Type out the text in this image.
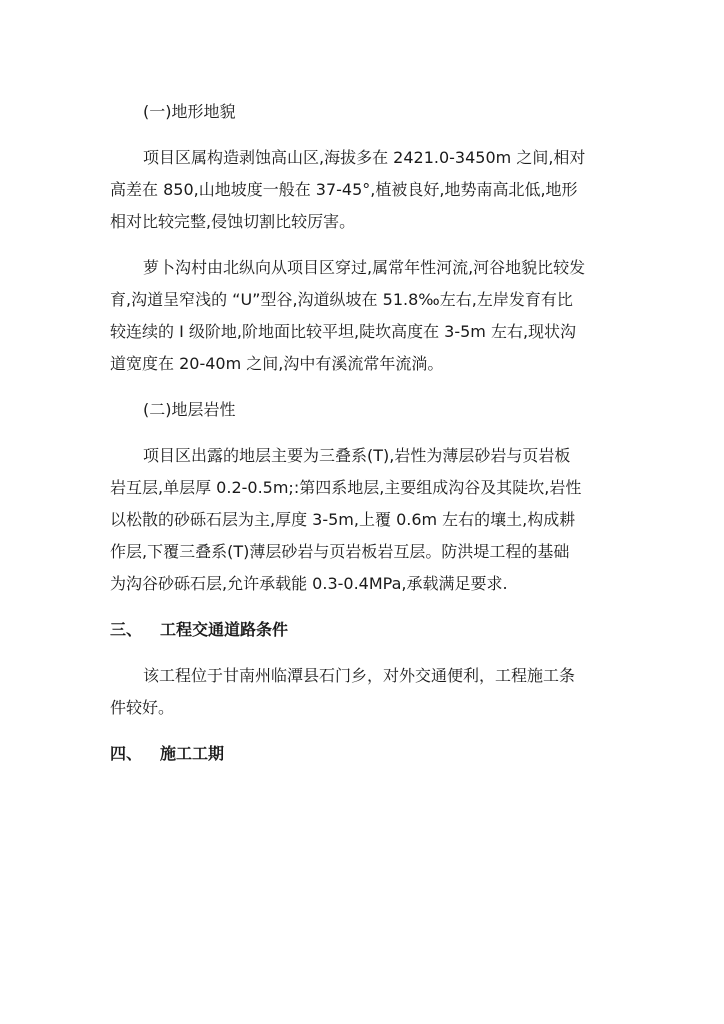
(一)地形地貌
项目区属构造剥蚀高山区,海拔多在 2421.0-3450m 之间,相对
高差在 850,山地坡度一般在 37-45°,植被良好,地势南高北低,地形
相对比较完整,侵蚀切割比较厉害。
萝卜沟村由北纵向从项目区穿过,属常年性河流,河谷地貌比较发
育,沟道呈窄浅的 “U”型谷,沟道纵坡在 51.8‰左右,左岸发育有比
较连续的 I 级阶地,阶地面比较平坦,陡坎高度在 3-5m 左右,现状沟
道宽度在 20-40m 之间,沟中有溪流常年流淌。
(二)地层岩性
项目区出露的地层主要为三叠系(T),岩性为薄层砂岩与页岩板
岩互层,单层厚 0.2-0.5m;:第四系地层,主要组成沟谷及其陡坎,岩性
以松散的砂砾石层为主,厚度 3-5m,上覆 0.6m 左右的壤土,构成耕
作层,下覆三叠系(T)薄层砂岩与页岩板岩互层。防洪堤工程的基础
为沟谷砂砾石层,允许承载能 0.3-0.4MPa,承载满足要求.
三、	工程交通道路条件
该工程位于甘南州临潭县石门乡，对外交通便利，工程施工条
件较好。
四、	施工工期
